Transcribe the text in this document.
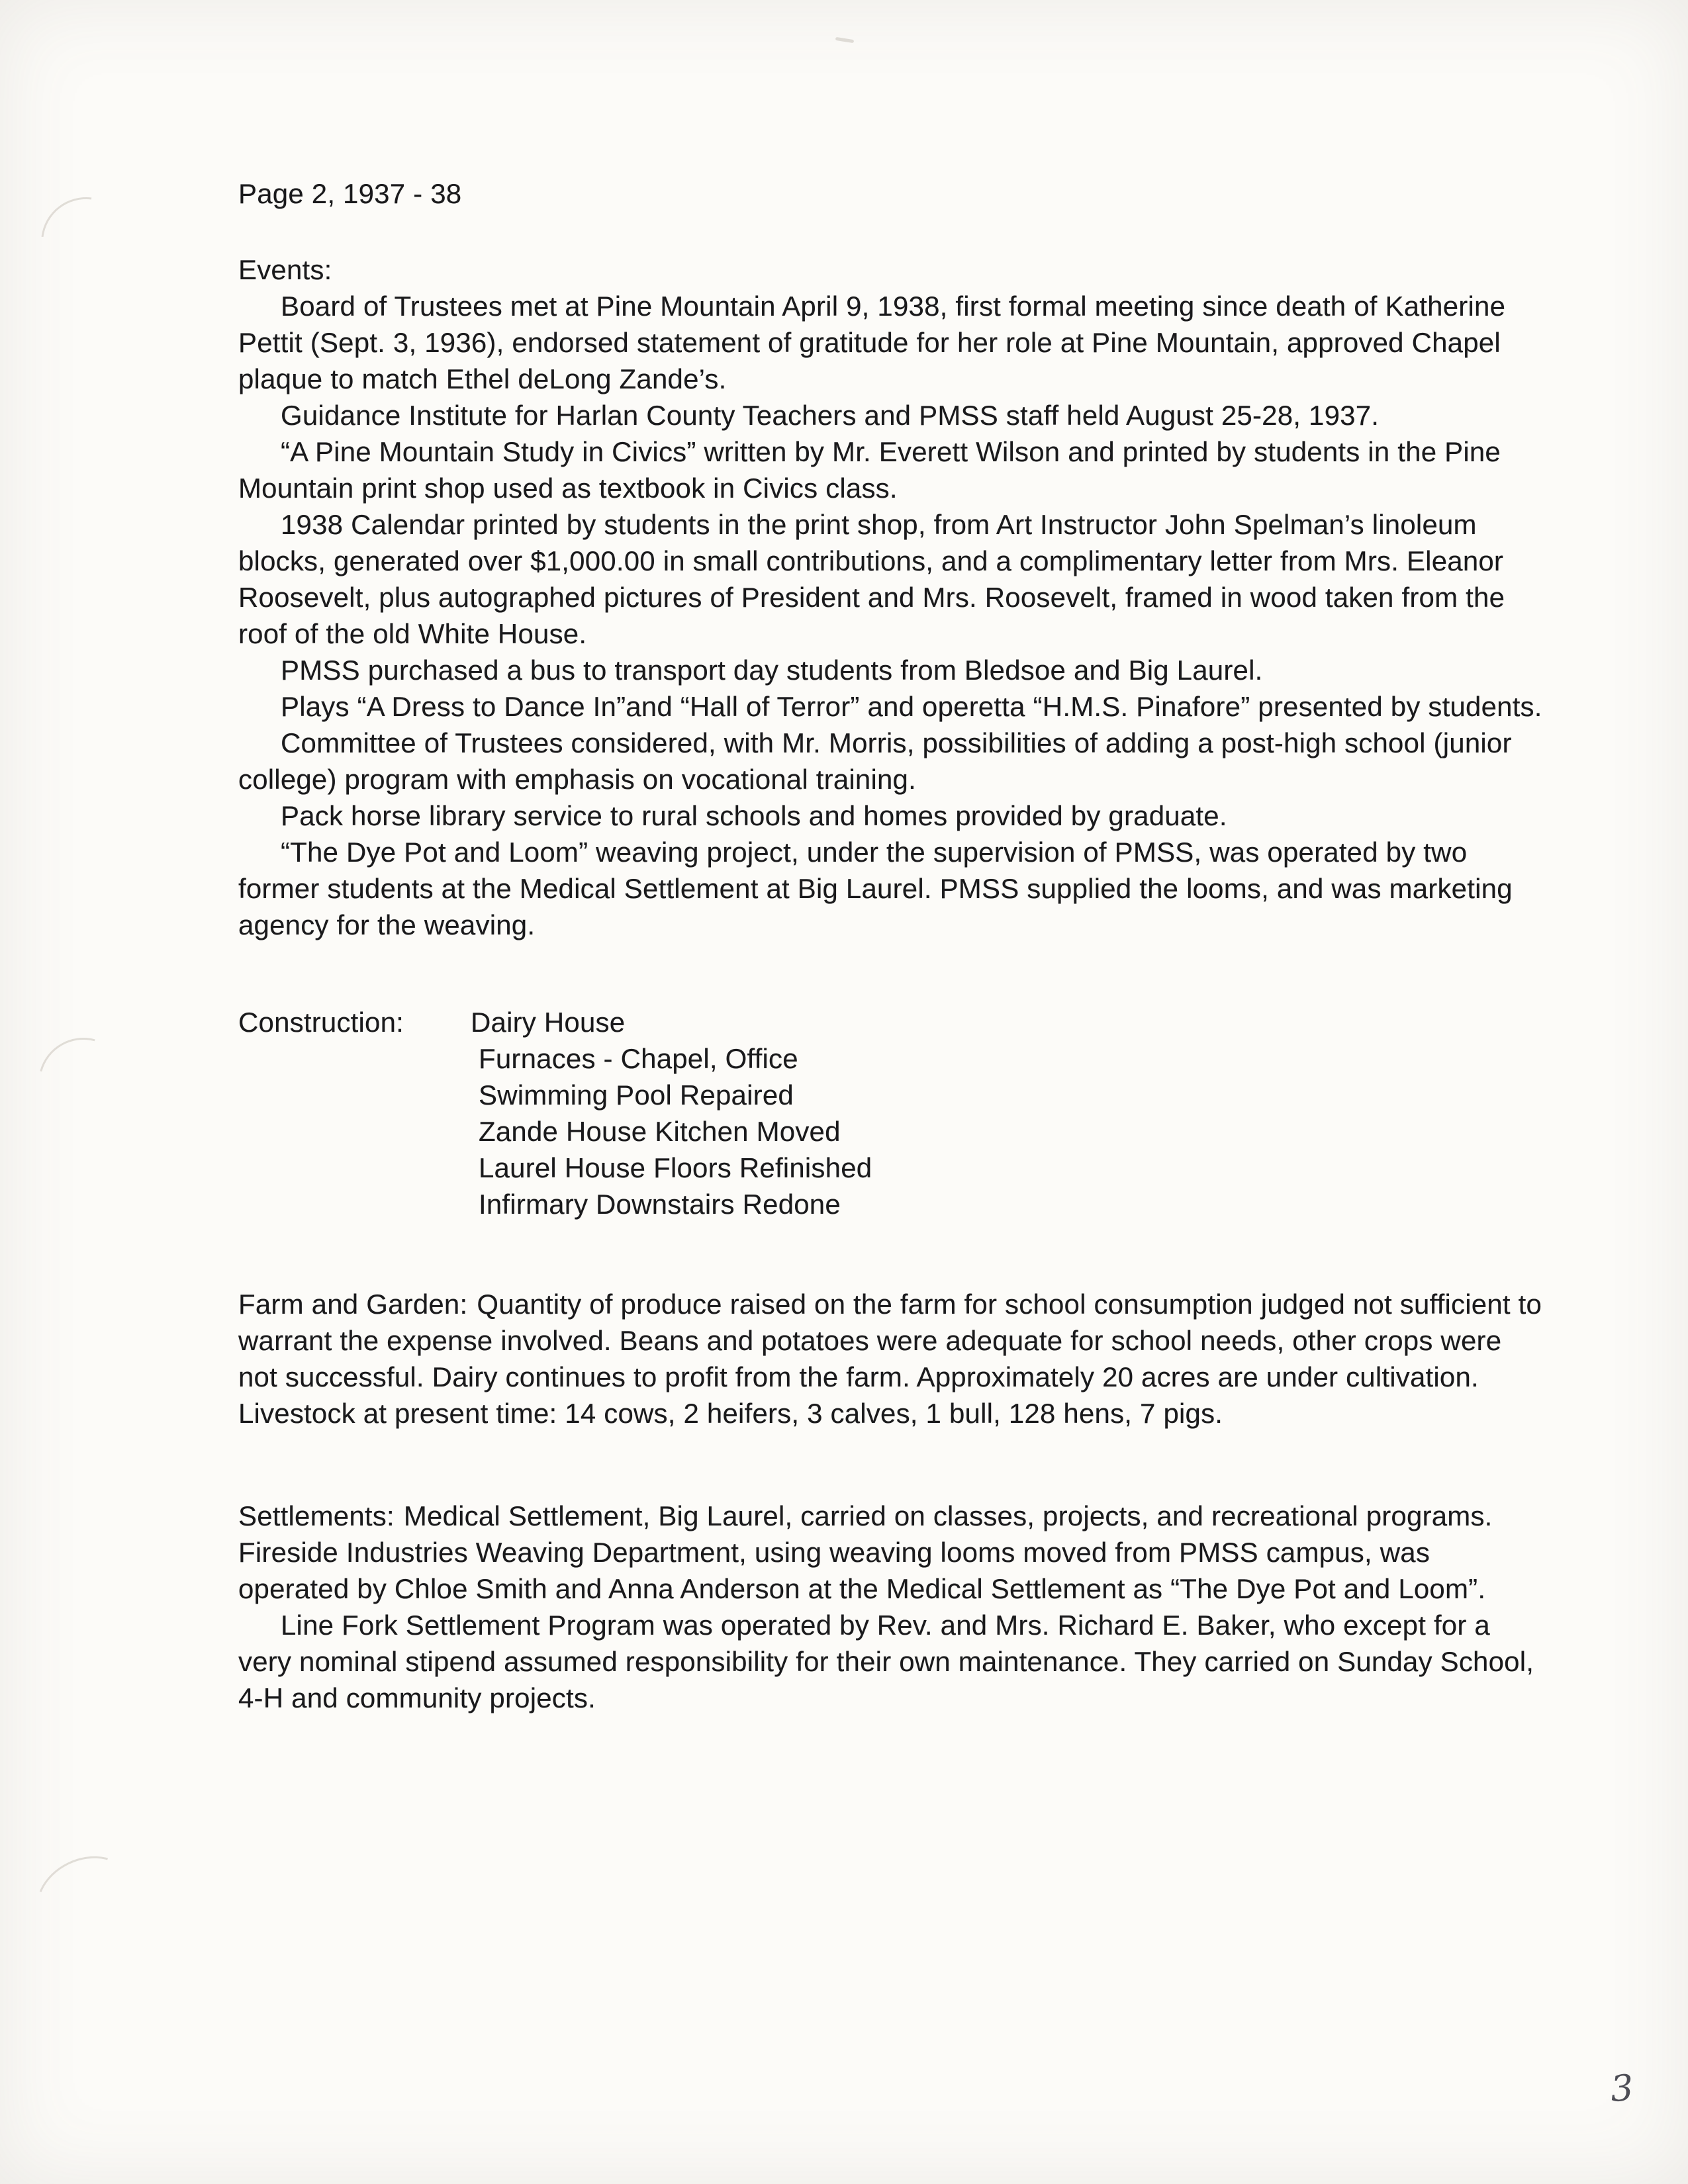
Page 2, 1937 - 38

Events:

Board of Trustees met at Pine Mountain April 9, 1938, first formal meeting since death of Katherine Pettit (Sept. 3, 1936), endorsed statement of gratitude for her role at Pine Mountain, approved Chapel plaque to match Ethel deLong Zande’s.

Guidance Institute for Harlan County Teachers and PMSS staff held August 25-28, 1937.

“A Pine Mountain Study in Civics” written by Mr. Everett Wilson and printed by students in the Pine Mountain print shop used as textbook in Civics class.

1938 Calendar printed by students in the print shop, from Art Instructor John Spelman’s linoleum blocks, generated over $1,000.00 in small contributions, and a complimentary letter from Mrs. Eleanor Roosevelt, plus autographed pictures of President and Mrs. Roosevelt, framed in wood taken from the roof of the old White House.

PMSS purchased a bus to transport day students from Bledsoe and Big Laurel.

Plays “A Dress to Dance In”and “Hall of Terror” and operetta “H.M.S. Pinafore” presented by students.

Committee of Trustees considered, with Mr. Morris, possibilities of adding a post-high school (junior college) program with emphasis on vocational training.

Pack horse library service to rural schools and homes provided by graduate.

“The Dye Pot and Loom” weaving project, under the supervision of PMSS, was operated by two former students at the Medical Settlement at Big Laurel. PMSS supplied the looms, and was marketing agency for the weaving.

Construction:	Dairy House
Furnaces - Chapel, Office
Swimming Pool Repaired
Zande House Kitchen Moved
Laurel House Floors Refinished
Infirmary Downstairs Redone

Farm and Garden: Quantity of produce raised on the farm for school consumption judged not sufficient to warrant the expense involved. Beans and potatoes were adequate for school needs, other crops were not successful. Dairy continues to profit from the farm. Approximately 20 acres are under cultivation. Livestock at present time: 14 cows, 2 heifers, 3 calves, 1 bull, 128 hens, 7 pigs.

Settlements: Medical Settlement, Big Laurel, carried on classes, projects, and recreational programs. Fireside Industries Weaving Department, using weaving looms moved from PMSS campus, was operated by Chloe Smith and Anna Anderson at the Medical Settlement as “The Dye Pot and Loom”.

Line Fork Settlement Program was operated by Rev. and Mrs. Richard E. Baker, who except for a very nominal stipend assumed responsibility for their own maintenance. They carried on Sunday School, 4-H and community projects.

3
